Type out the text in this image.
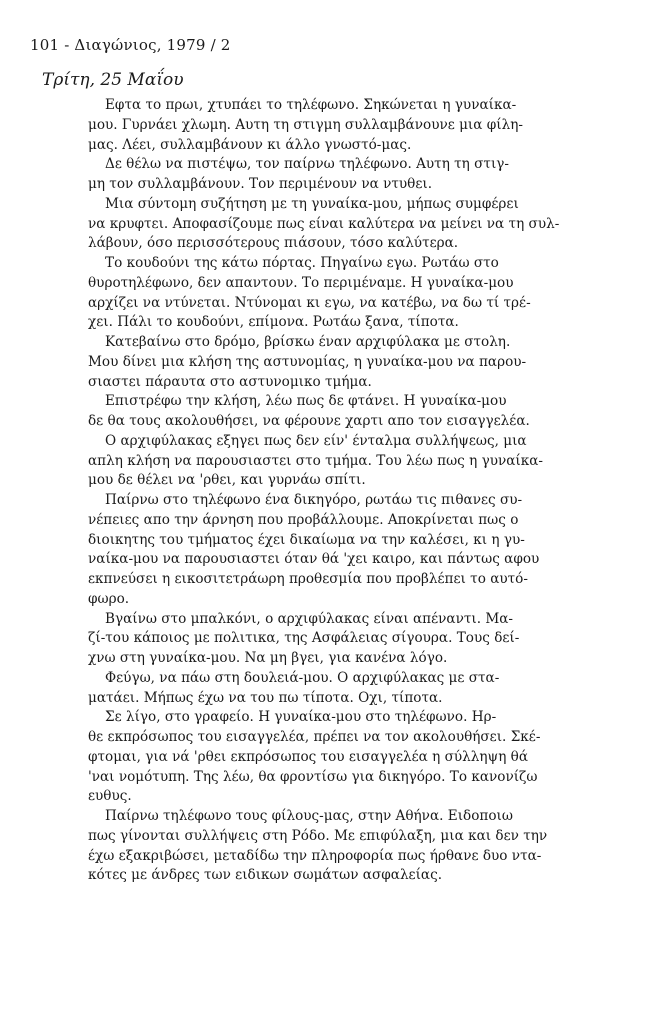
101 - Διαγώνιος, 1979 / 2
Τρίτη, 25 Μαΐου

Εφτα το πρωι, χτυπάει το τηλέφωνο. Σηκώνεται η γυναίκα-
μου. Γυρνάει χλωμη. Αυτη τη στιγμη συλλαμβάνουνε μια φίλη-
μας. Λέει, συλλαμβάνουν κι άλλο γνωστό-μας.

Δε θέλω να πιστέψω, τον παίρνω τηλέφωνο. Αυτη τη στιγ-
μη τον συλλαμβάνουν. Τον περιμένουν να ντυθει.

Μια σύντομη συζήτηση με τη γυναίκα-μου, μήπως συμφέρει
να κρυφτει. Αποφασίζουμε πως είναι καλύτερα να μείνει να τη συλ-
λάβουν, όσο περισσότερους πιάσουν, τόσο καλύτερα.

Το κουδούνι της κάτω πόρτας. Πηγαίνω εγω. Ρωτάω στο
θυροτηλέφωνο, δεν απαντουν. Το περιμέναμε. Η γυναίκα-μου
αρχίζει να ντύνεται. Ντύνομαι κι εγω, να κατέβω, να δω τί τρέ-
χει. Πάλι το κουδούνι, επίμονα. Ρωτάω ξανα, τίποτα.

Κατεβαίνω στο δρόμο, βρίσκω έναν αρχιφύλακα με στολη.
Μου δίνει μια κλήση της αστυνομίας, η γυναίκα-μου να παρου-
σιαστει πάραυτα στο αστυνομικο τμήμα.

Επιστρέφω την κλήση, λέω πως δε φτάνει. Η γυναίκα-μου
δε θα τους ακολουθήσει, να φέρουνε χαρτι απο τον εισαγγελέα.

Ο αρχιφύλακας εξηγει πως δεν είν' ένταλμα συλλήψεως, μια
απλη κλήση να παρουσιαστει στο τμήμα. Του λέω πως η γυναίκα-
μου δε θέλει να 'ρθει, και γυρνάω σπίτι.

Παίρνω στο τηλέφωνο ένα δικηγόρο, ρωτάω τις πιθανες συ-
νέπειες απο την άρνηση που προβάλλουμε. Αποκρίνεται πως ο
διοικητης του τμήματος έχει δικαίωμα να την καλέσει, κι η γυ-
ναίκα-μου να παρουσιαστει όταν θά 'χει καιρο, και πάντως αφου
εκπνεύσει η εικοσιτετράωρη προθεσμία που προβλέπει το αυτό-
φωρο.

Βγαίνω στο μπαλκόνι, ο αρχιφύλακας είναι απέναντι. Μα-
ζί-του κάποιος με πολιτικα, της Ασφάλειας σίγουρα. Τους δεί-
χνω στη γυναίκα-μου. Να μη βγει, για κανένα λόγο.

Φεύγω, να πάω στη δουλειά-μου. Ο αρχιφύλακας με στα-
ματάει. Μήπως έχω να του πω τίποτα. Οχι, τίποτα.

Σε λίγο, στο γραφείο. Η γυναίκα-μου στο τηλέφωνο. Ηρ-
θε εκπρόσωπος του εισαγγελέα, πρέπει να τον ακολουθήσει. Σκέ-
φτομαι, για νά 'ρθει εκπρόσωπος του εισαγγελέα η σύλληψη θά
'ναι νομότυπη. Της λέω, θα φροντίσω για δικηγόρο. Το κανονίζω
ευθυς.

Παίρνω τηλέφωνο τους φίλους-μας, στην Αθήνα. Ειδοποιω
πως γίνονται συλλήψεις στη Ρόδο. Με επιφύλαξη, μια και δεν την
έχω εξακριβώσει, μεταδίδω την πληροφορία πως ήρθανε δυο ντα-
κότες με άνδρες των ειδικων σωμάτων ασφαλείας.
